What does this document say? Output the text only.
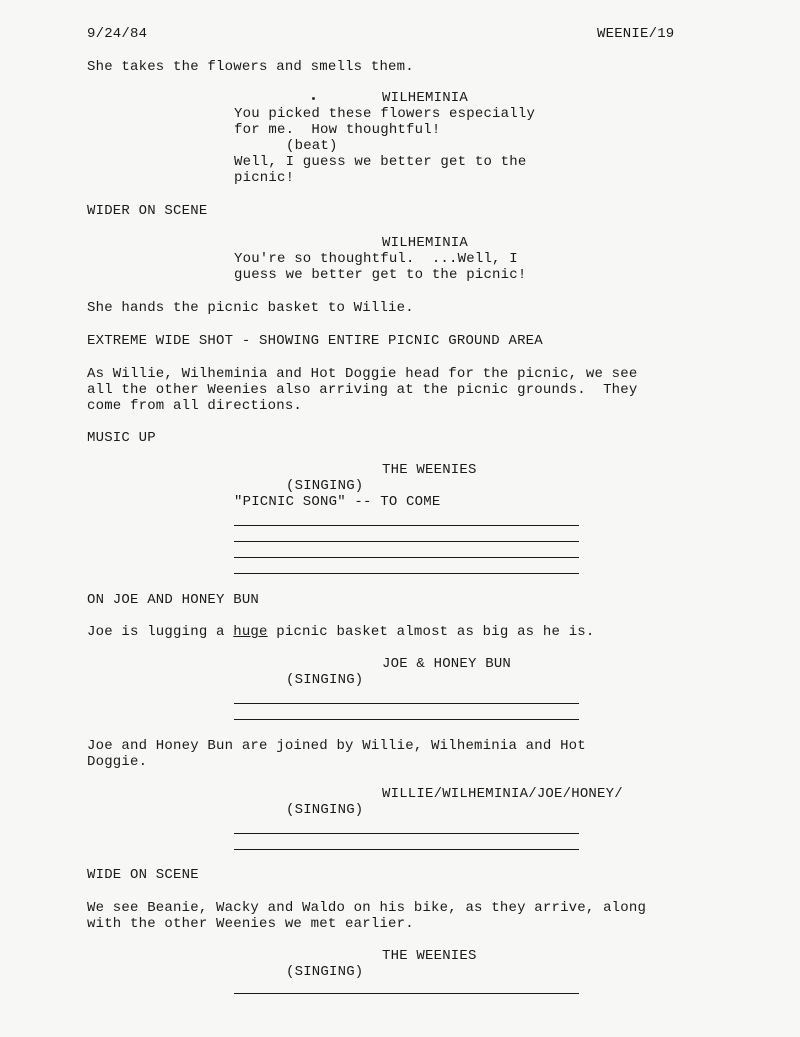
9/24/84	WEENIE/19
She takes the flowers and smells them.
WILHEMINIA
You picked these flowers especially
for me.  How thoughtful!
(beat)
Well, I guess we better get to the
picnic!
WIDER ON SCENE
WILHEMINIA
You're so thoughtful.  ...Well, I
guess we better get to the picnic!
She hands the picnic basket to Willie.
EXTREME WIDE SHOT - SHOWING ENTIRE PICNIC GROUND AREA
As Willie, Wilheminia and Hot Doggie head for the picnic, we see
all the other Weenies also arriving at the picnic grounds.  They
come from all directions.
MUSIC UP
THE WEENIES
(SINGING)
"PICNIC SONG" -- TO COME
ON JOE AND HONEY BUN
Joe is lugging a huge picnic basket almost as big as he is.
JOE & HONEY BUN
(SINGING)
Joe and Honey Bun are joined by Willie, Wilheminia and Hot
Doggie.
WILLIE/WILHEMINIA/JOE/HONEY/
(SINGING)
WIDE ON SCENE
We see Beanie, Wacky and Waldo on his bike, as they arrive, along
with the other Weenies we met earlier.
THE WEENIES
(SINGING)
